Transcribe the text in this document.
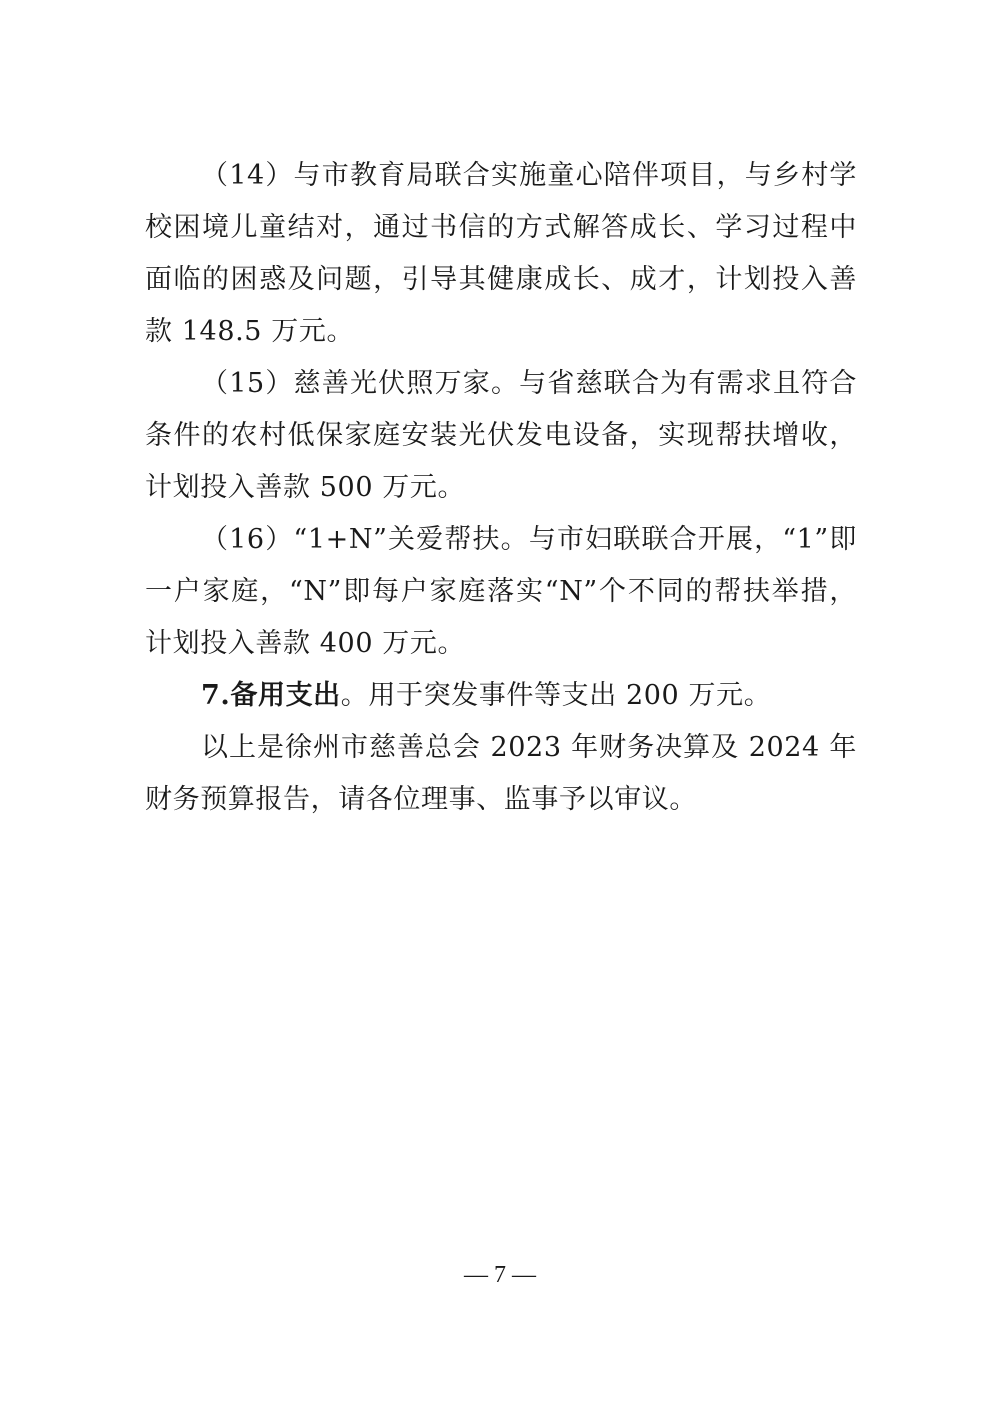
（14）与市教育局联合实施童心陪伴项目，与乡村学校困境儿童结对，通过书信的方式解答成长、学习过程中面临的困惑及问题，引导其健康成长、成才，计划投入善款 148.5 万元。

（15）慈善光伏照万家。与省慈联合为有需求且符合条件的农村低保家庭安装光伏发电设备，实现帮扶增收，计划投入善款 500 万元。

（16）“1+N”关爱帮扶。与市妇联联合开展，“1”即一户家庭，“N”即每户家庭落实“N”个不同的帮扶举措，计划投入善款 400 万元。

7.备用支出。用于突发事件等支出 200 万元。

以上是徐州市慈善总会 2023 年财务决算及 2024 年财务预算报告，请各位理事、监事予以审议。

— 7 —
